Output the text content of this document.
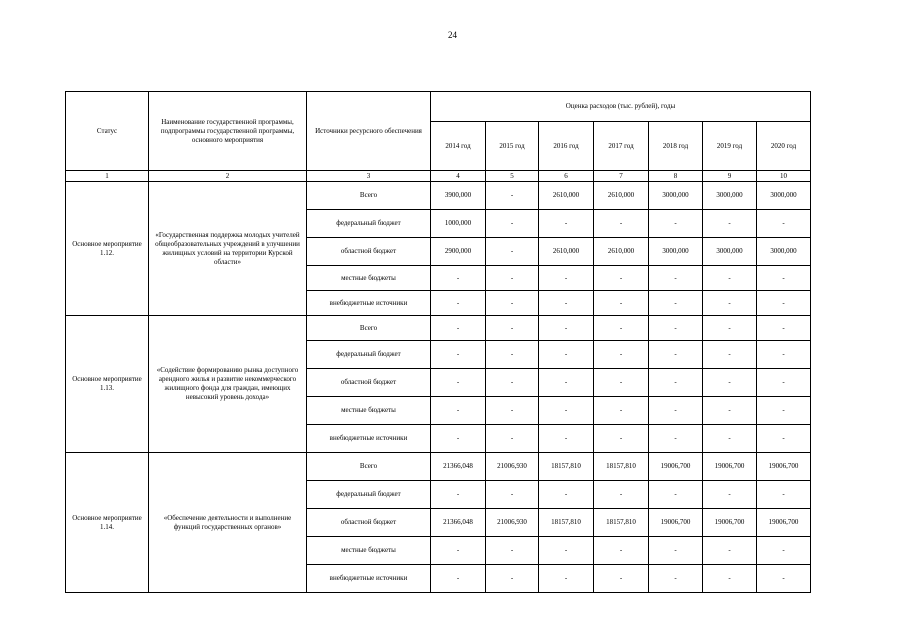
24
Статус	Наименование государственной программы, подпрограммы государственной программы, основного мероприятия	Источники ресурсного обеспечения	Оценка расходов (тыс. рублей), годы						
			2014 год	2015 год	2016 год	2017 год	2018 год	2019 год	2020 год
1	2	3	4	5	6	7	8	9	10
Основное мероприятие 1.12.	«Государственная поддержка молодых учителей общеобразовательных учреждений в улучшении жилищных условий на территории Курской области»	Всего	3900,000	-	2610,000	2610,000	3000,000	3000,000	3000,000
		федеральный бюджет	1000,000	-	-	-	-	-	-
		областной бюджет	2900,000	-	2610,000	2610,000	3000,000	3000,000	3000,000
		местные бюджеты	-	-	-	-	-	-	-
		внебюджетные источники	-	-	-	-	-	-	-
Основное мероприятие 1.13.	«Содействие формированию рынка доступного арендного жилья и развитие некоммерческого жилищного фонда для граждан, имеющих невысокий уровень дохода»	Всего	-	-	-	-	-	-	-
		федеральный бюджет	-	-	-	-	-	-	-
		областной бюджет	-	-	-	-	-	-	-
		местные бюджеты	-	-	-	-	-	-	-
		внебюджетные источники	-	-	-	-	-	-	-
Основное мероприятие 1.14.	«Обеспечение деятельности и выполнение функций государственных органов»	Всего	21366,048	21006,930	18157,810	18157,810	19006,700	19006,700	19006,700
		федеральный бюджет	-	-	-	-	-	-	-
		областной бюджет	21366,048	21006,930	18157,810	18157,810	19006,700	19006,700	19006,700
		местные бюджеты	-	-	-	-	-	-	-
		внебюджетные источники	-	-	-	-	-	-	-
